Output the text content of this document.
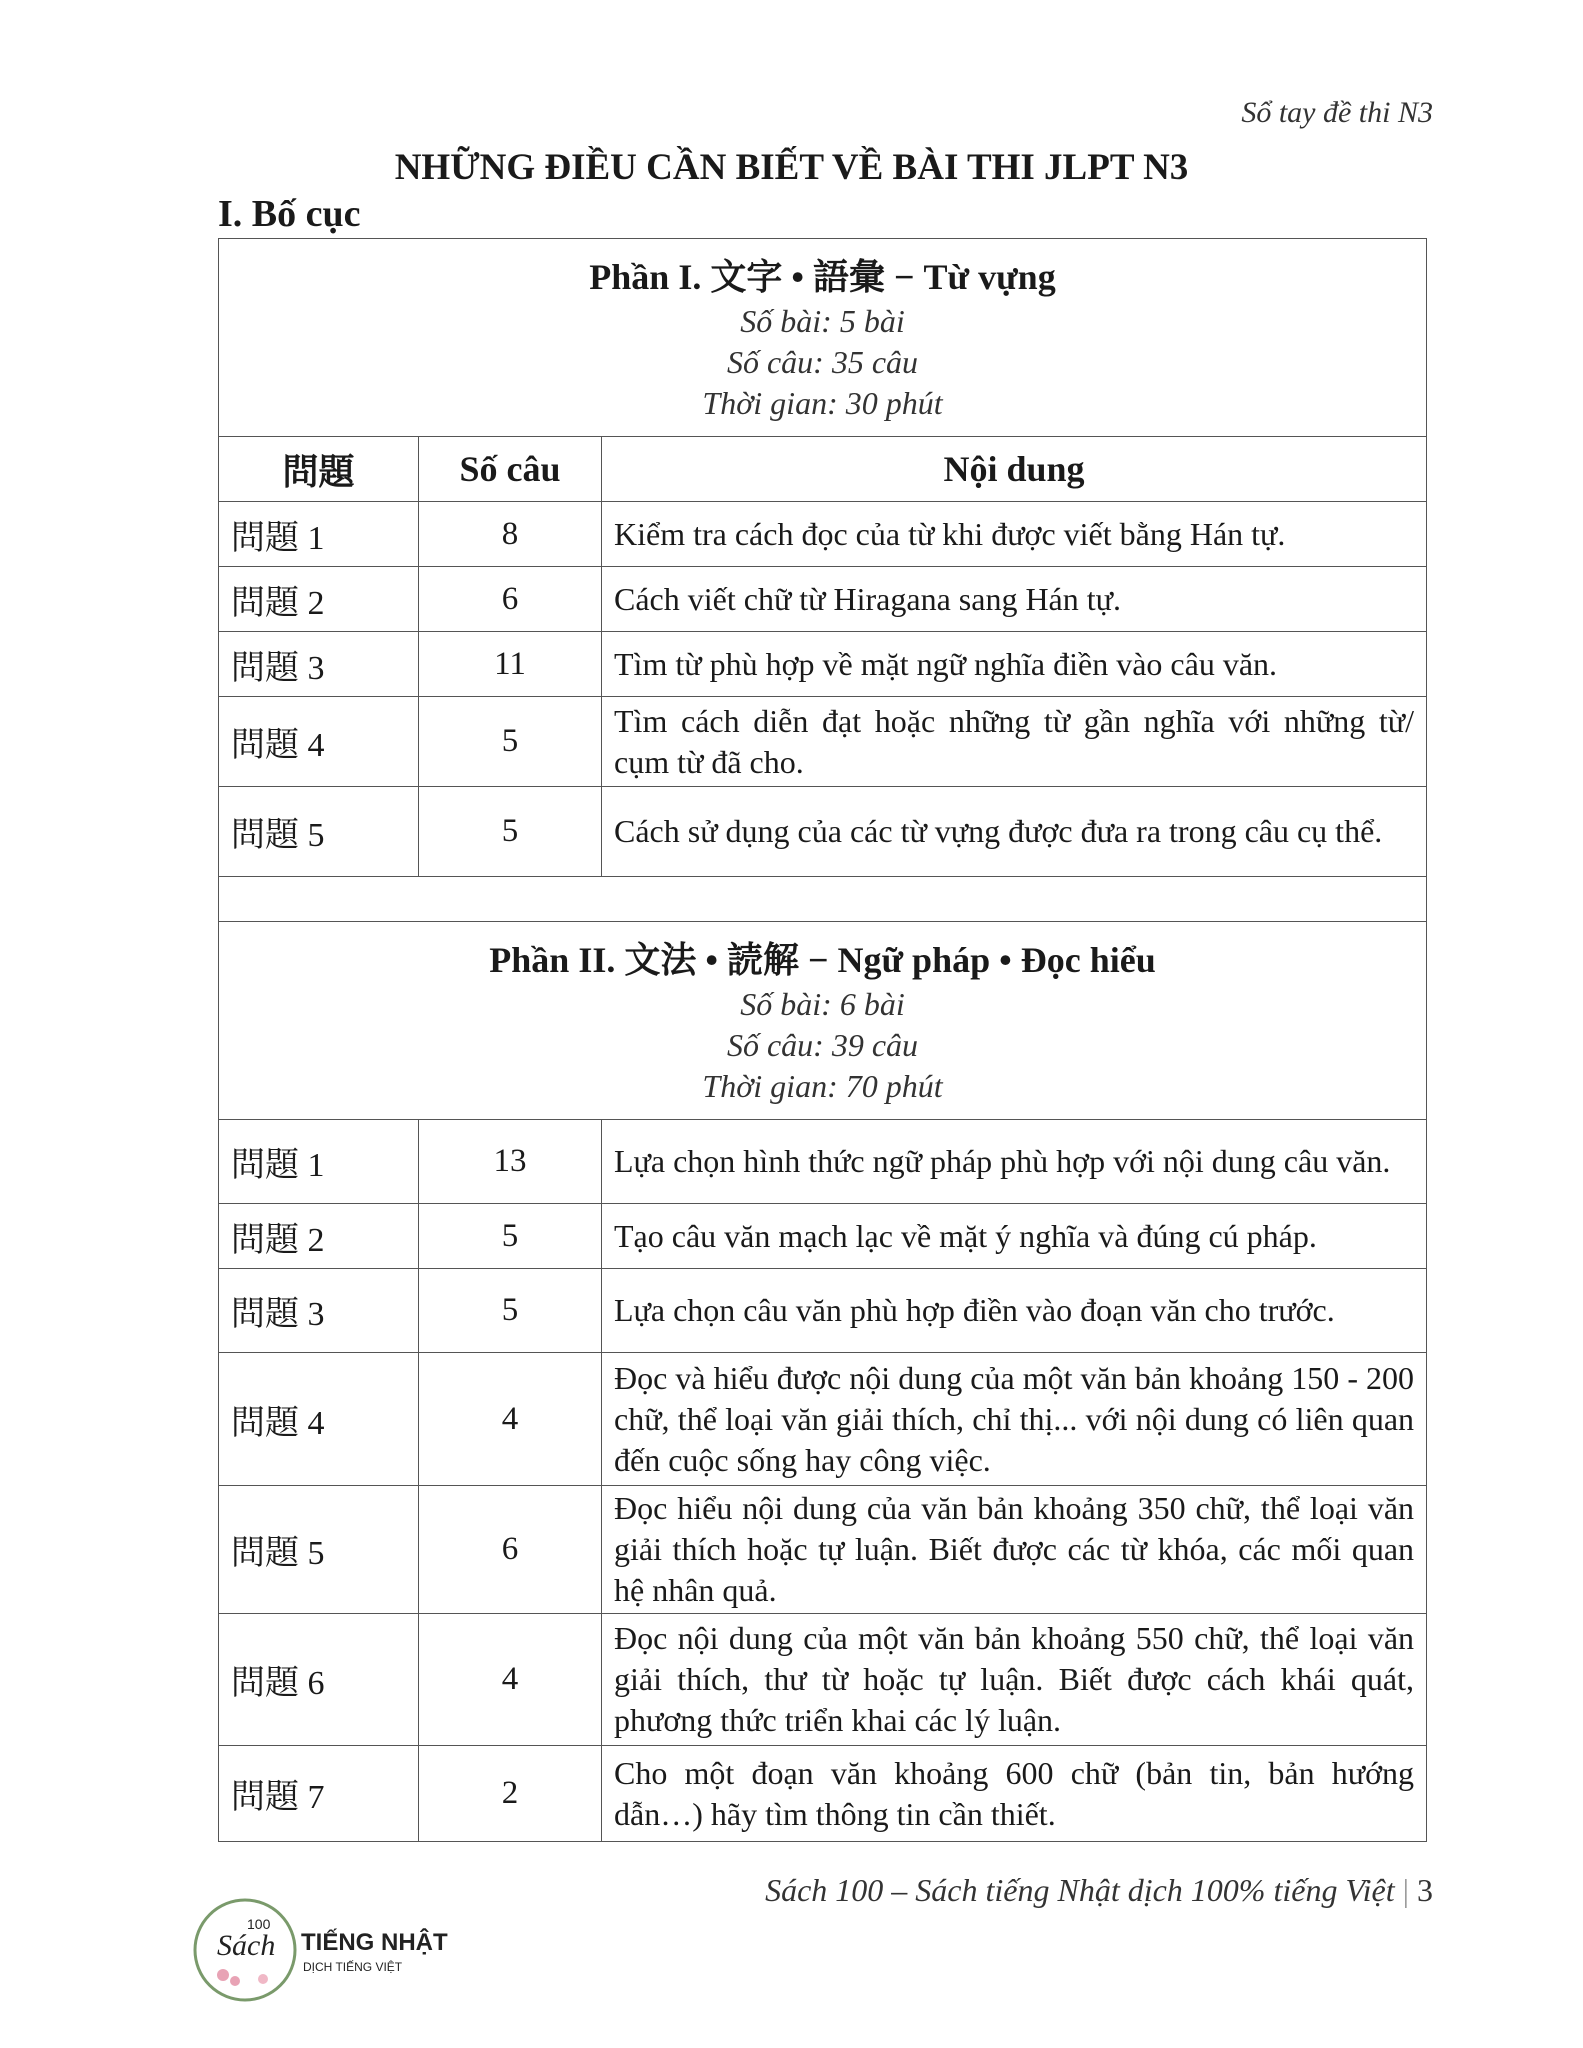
Sổ tay đề thi N3
NHỮNG ĐIỀU CẦN BIẾT VỀ BÀI THI JLPT N3
I. Bố cục
Phần I. 文字 • 語彙 − Từ vựng
Số bài: 5 bài
Số câu: 35 câu
Thời gian: 30 phút		

問題	Số câu	Nội dung
問題 1	8	Kiểm tra cách đọc của từ khi được viết bằng Hán tự.
問題 2	6	Cách viết chữ từ Hiragana sang Hán tự.
問題 3	11	Tìm từ phù hợp về mặt ngữ nghĩa điền vào câu văn.
問題 4	5	Tìm cách diễn đạt hoặc những từ gần nghĩa với những từ/ cụm từ đã cho.
問題 5	5	Cách sử dụng của các từ vựng được đưa ra trong câu cụ thể.

Phần II. 文法 • 読解 − Ngữ pháp • Đọc hiểu
Số bài: 6 bài
Số câu: 39 câu
Thời gian: 70 phút		

問題 1	13	Lựa chọn hình thức ngữ pháp phù hợp với nội dung câu văn.
問題 2	5	Tạo câu văn mạch lạc về mặt ý nghĩa và đúng cú pháp.
問題 3	5	Lựa chọn câu văn phù hợp điền vào đoạn văn cho trước.
問題 4	4	Đọc và hiểu được nội dung của một văn bản khoảng 150 - 200 chữ, thể loại văn giải thích, chỉ thị... với nội dung có liên quan đến cuộc sống hay công việc.
問題 5	6	Đọc hiểu nội dung của văn bản khoảng 350 chữ, thể loại văn giải thích hoặc tự luận. Biết được các từ khóa, các mối quan hệ nhân quả.
問題 6	4	Đọc nội dung của một văn bản khoảng 550 chữ, thể loại văn giải thích, thư từ hoặc tự luận. Biết được cách khái quát, phương thức triển khai các lý luận.
問題 7	2	Cho một đoạn văn khoảng 600 chữ (bản tin, bản hướng dẫn…) hãy tìm thông tin cần thiết.
Sách 100 – Sách tiếng Nhật dịch 100% tiếng Việt | 3
Sách
100
TIẾNG NHẬT
DỊCH TIẾNG VIỆT
